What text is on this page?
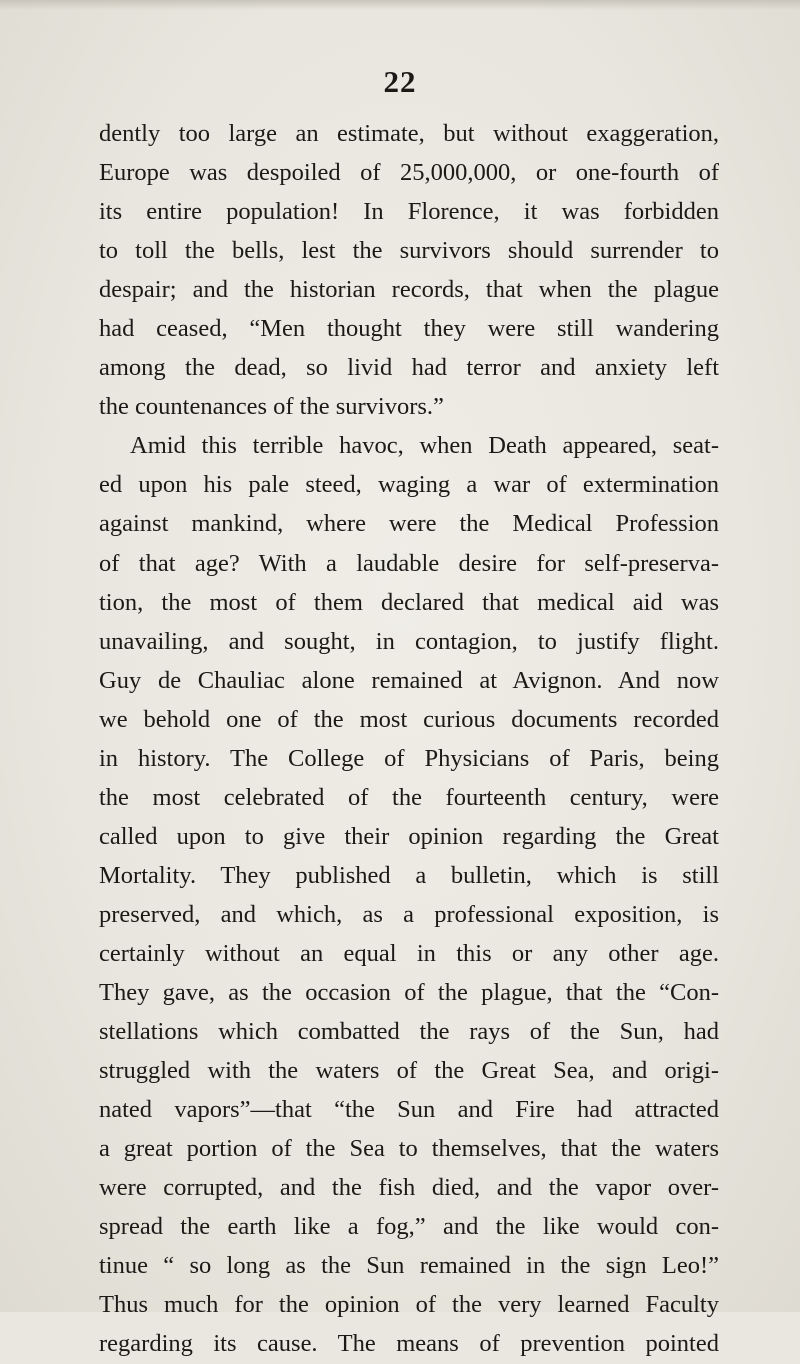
22
dently too large an estimate, but without exaggeration,
Europe was despoiled of 25,000,000, or one-fourth of
its entire population! In Florence, it was forbidden
to toll the bells, lest the survivors should surrender to
despair; and the historian records, that when the plague
had ceased, “Men thought they were still wandering
among the dead, so livid had terror and anxiety left
the countenances of the survivors.”
Amid this terrible havoc, when Death appeared, seat-
ed upon his pale steed, waging a war of extermination
against mankind, where were the Medical Profession
of that age? With a laudable desire for self-preserva-
tion, the most of them declared that medical aid was
unavailing, and sought, in contagion, to justify flight.
Guy de Chauliac alone remained at Avignon. And now
we behold one of the most curious documents recorded
in history. The College of Physicians of Paris, being
the most celebrated of the fourteenth century, were
called upon to give their opinion regarding the Great
Mortality. They published a bulletin, which is still
preserved, and which, as a professional exposition, is
certainly without an equal in this or any other age.
They gave, as the occasion of the plague, that the “Con-
stellations which combatted the rays of the Sun, had
struggled with the waters of the Great Sea, and origi-
nated vapors”—that “the Sun and Fire had attracted
a great portion of the Sea to themselves, that the waters
were corrupted, and the fish died, and the vapor over-
spread the earth like a fog,” and the like would con-
tinue “ so long as the Sun remained in the sign Leo!”
Thus much for the opinion of the very learned Faculty
regarding its cause. The means of prevention pointed
